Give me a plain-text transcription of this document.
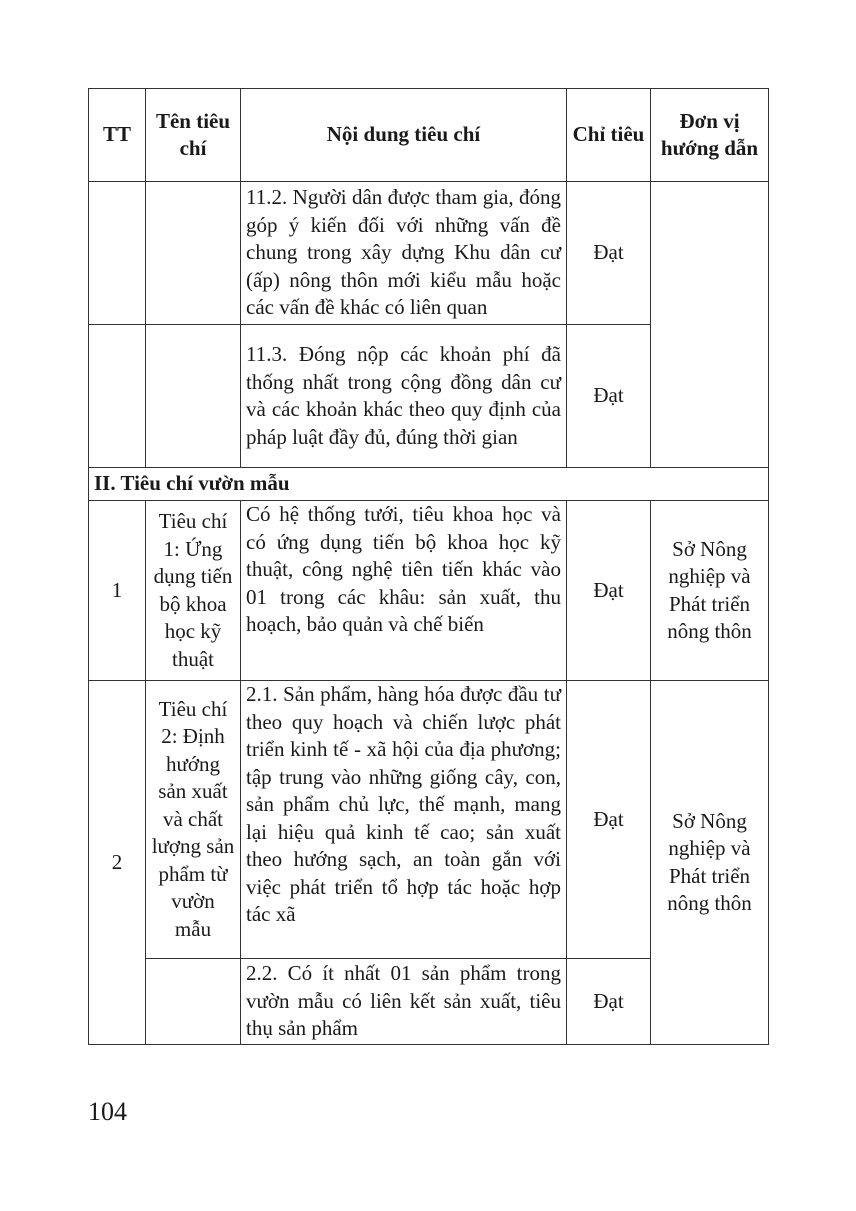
TT	Tên tiêu chí	Nội dung tiêu chí	Chỉ tiêu	Đơn vị hướng dẫn
		11.2. Người dân được tham gia, đóng góp ý kiến đối với những vấn đề chung trong xây dựng Khu dân cư (ấp) nông thôn mới kiểu mẫu hoặc các vấn đề khác có liên quan	Đạt	
		11.3. Đóng nộp các khoản phí đã thống nhất trong cộng đồng dân cư và các khoản khác theo quy định của pháp luật đầy đủ, đúng thời gian	Đạt	
II. Tiêu chí vườn mẫu				
1	Tiêu chí 1: Ứng dụng tiến bộ khoa học kỹ thuật	Có hệ thống tưới, tiêu khoa học và có ứng dụng tiến bộ khoa học kỹ thuật, công nghệ tiên tiến khác vào 01 trong các khâu: sản xuất, thu hoạch, bảo quản và chế biến	Đạt	Sở Nông nghiệp và Phát triển nông thôn
2	Tiêu chí 2: Định hướng sản xuất và chất lượng sản phẩm từ vườn mẫu	2.1. Sản phẩm, hàng hóa được đầu tư theo quy hoạch và chiến lược phát triển kinh tế - xã hội của địa phương; tập trung vào những giống cây, con, sản phẩm chủ lực, thế mạnh, mang lại hiệu quả kinh tế cao; sản xuất theo hướng sạch, an toàn gắn với việc phát triển tổ hợp tác hoặc hợp tác xã	Đạt	Sở Nông nghiệp và Phát triển nông thôn
		2.2. Có ít nhất 01 sản phẩm trong vườn mẫu có liên kết sản xuất, tiêu thụ sản phẩm	Đạt	
104
